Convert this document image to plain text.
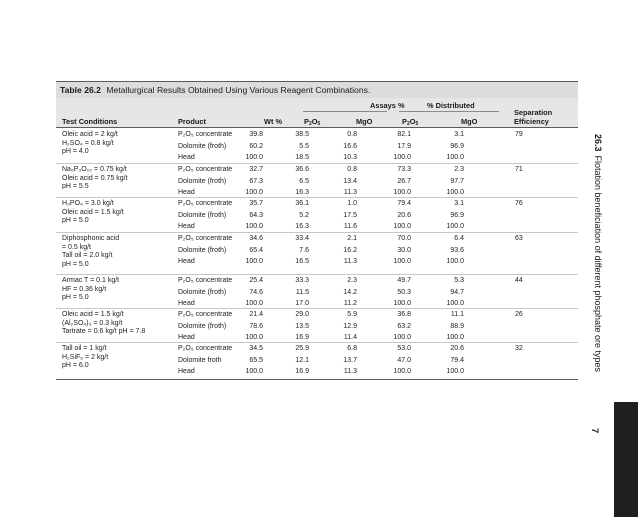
Table 26.2 Metallurgical Results Obtained Using Various Reagent Combinations.
Assays %	% Distributed
Test Conditions	Product	Wt %	$P_2O_5$	MgO	$P_2O_5$	MgO
Separation
Efficiency
Oleic acid = 2 kg/t
H₂SO₄ = 0.8 kg/t
pH = 4.0
79
P₂O₅ concentrate	39.8	38.5	0.8	82.1	3.1
Dolomite (froth)	60.2	5.5	16.6	17.9	96.9
Head	100.0	18.5	10.3	100.0	100.0
Na₅P₃O₁₀ = 0.75 kg/t
Oleic acid = 0.75 kg/t
pH = 5.5
71
P₂O₅ concentrate	32.7	36.6	0.8	73.3	2.3
Dolomite (froth)	67.3	6.5	13.4	26.7	97.7
Head	100.0	16.3	11.3	100.0	100.0
H₃PO₄ = 3.0 kg/t
Oleic acid = 1.5 kg/t
pH = 5.0
76
P₂O₅ concentrate	35.7	36.1	1.0	79.4	3.1
Dolomite (froth)	64.3	5.2	17.5	20.6	96.9
Head	100.0	16.3	11.6	100.0	100.0
Diphosphonic acid
= 0.5 kg/t
Tall oil = 2.0 kg/t
pH = 5.0
63
P₂O₅ concentrate	34.6	33.4	2.1	70.0	6.4
Dolomite (froth)	65.4	7.6	16.2	30.0	93.6
Head	100.0	16.5	11.3	100.0	100.0
Armac T = 0.1 kg/t
HF = 0.36 kg/t
pH = 5.0
44
P₂O₅ concentrate	25.4	33.3	2.3	49.7	5.3
Dolomite (froth)	74.6	11.5	14.2	50.3	94.7
Head	100.0	17.0	11.2	100.0	100.0
Oleic acid = 1.5 kg/t
(Al₂SO₄)₃ = 0.3 kg/t
Tartrate = 0.6 kg/t pH = 7.8
26
P₂O₅ concentrate	21.4	29.0	5.9	36.8	11.1
Dolomite (froth)	78.6	13.5	12.9	63.2	88.9
Head	100.0	16.9	11.4	100.0	100.0
Tall oil = 1 kg/t
H₂SiF₆ = 2 kg/t
pH = 6.0
32
P₂O₅ concentrate	34.5	25.9	6.8	53.0	20.6
Dolomite froth	65.5	12.1	13.7	47.0	79.4
Head	100.0	16.9	11.3	100.0	100.0
26.3Flotation beneficiation of different phosphate ore types
7
